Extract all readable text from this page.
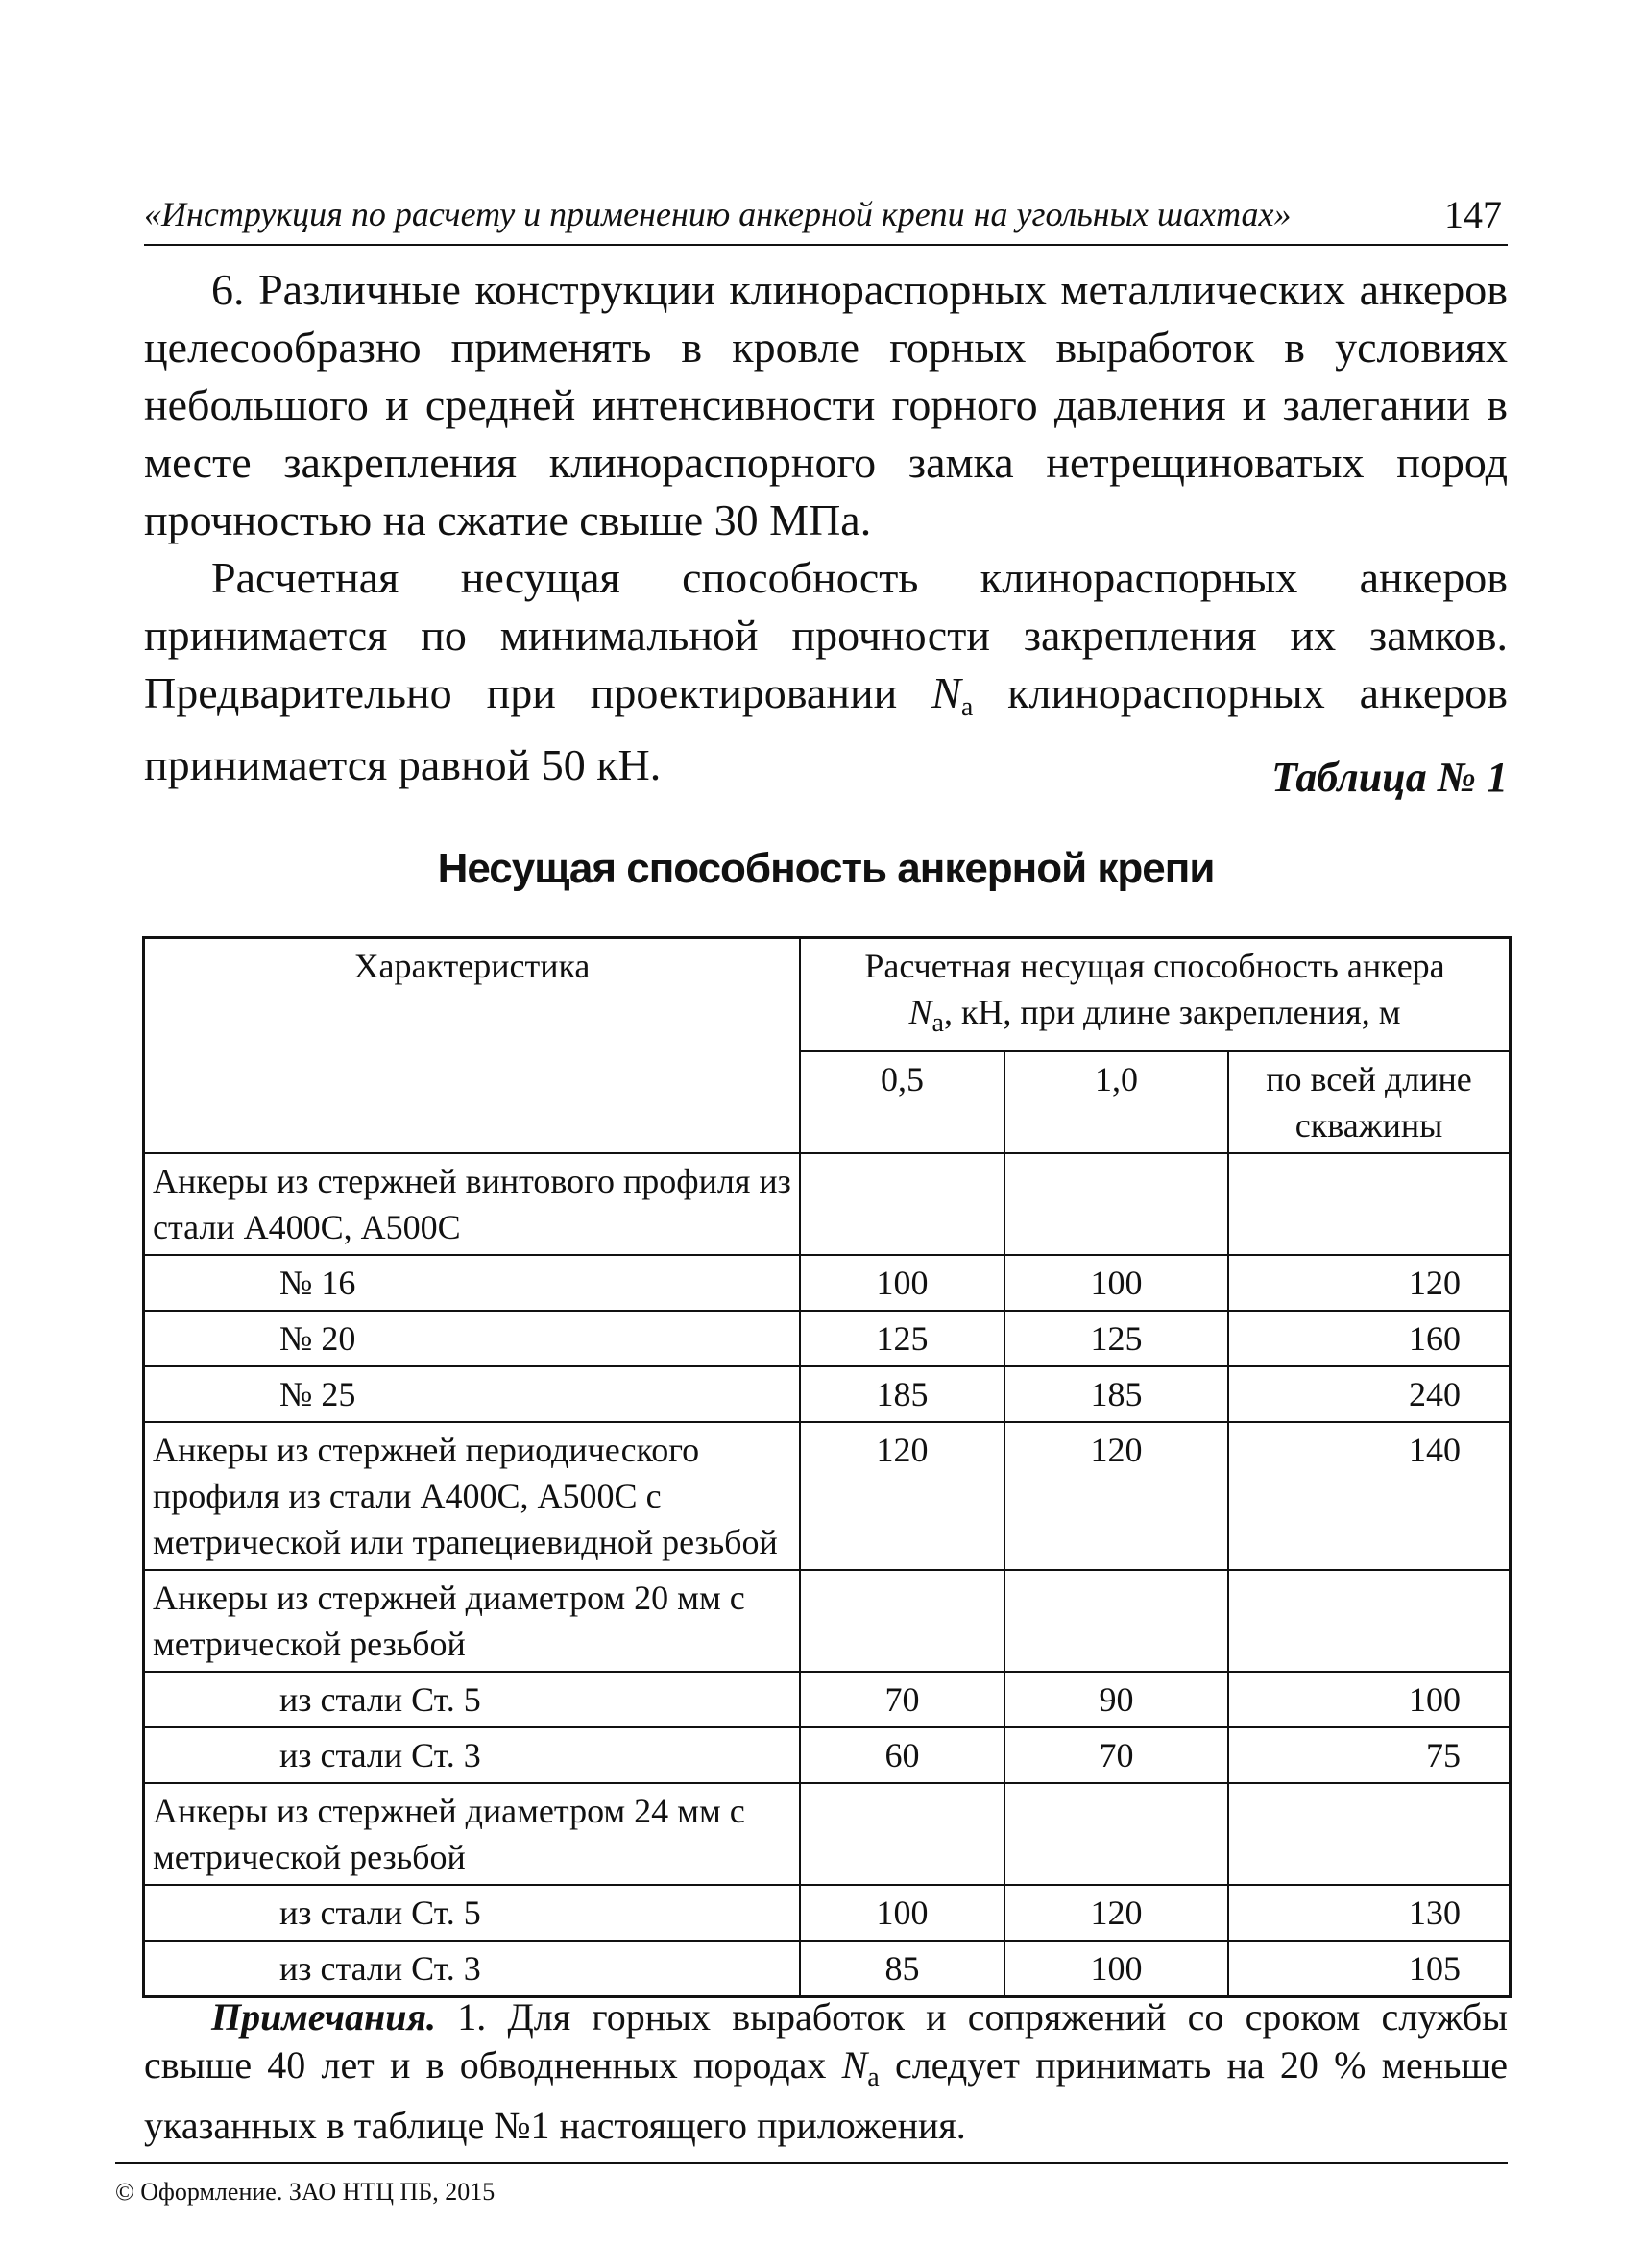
«Инструкция по расчету и применению анкерной крепи на угольных шахтах»	147

6. Различные конструкции клинораспорных металлических анкеров целесообразно применять в кровле горных выработок в условиях небольшого и средней интенсивности горного давления и залегании в месте закрепления клинораспорного замка нетрещиноватых пород прочностью на сжатие свыше 30 МПа.

Расчетная несущая способность клинораспорных анкеров принимается по минимальной прочности закрепления их замков. Предварительно при проектировании $N_а$ клинораспорных анкеров принимается равной 50 кН.	Таблица № 1
Несущая способность анкерной крепи
Характеристика	Расчетная несущая способность анкера
$N_а$, кН, при длине закрепления, м		
	0,5	1,0	по всей длине скважины
Анкеры из стержней винтового профиля из стали А400С, А500С			
№ 16	100	100	120
№ 20	125	125	160
№ 25	185	185	240
Анкеры из стержней периодического профиля из стали А400С, А500С с метрической или трапециевидной резьбой	120	120	140
Анкеры из стержней диаметром 20 мм с метрической резьбой			
из стали Ст. 5	70	90	100
из стали Ст. 3	60	70	75
Анкеры из стержней диаметром 24 мм с метрической резьбой			
из стали Ст. 5	100	120	130
из стали Ст. 3	85	100	105

Примечания. 1. Для горных выработок и сопряжений со сроком службы свыше 40 лет и в обводненных породах $N_а$ следует принимать на 20 % меньше указанных в таблице №1 настоящего приложения.

© Оформление. ЗАО НТЦ ПБ, 2015
